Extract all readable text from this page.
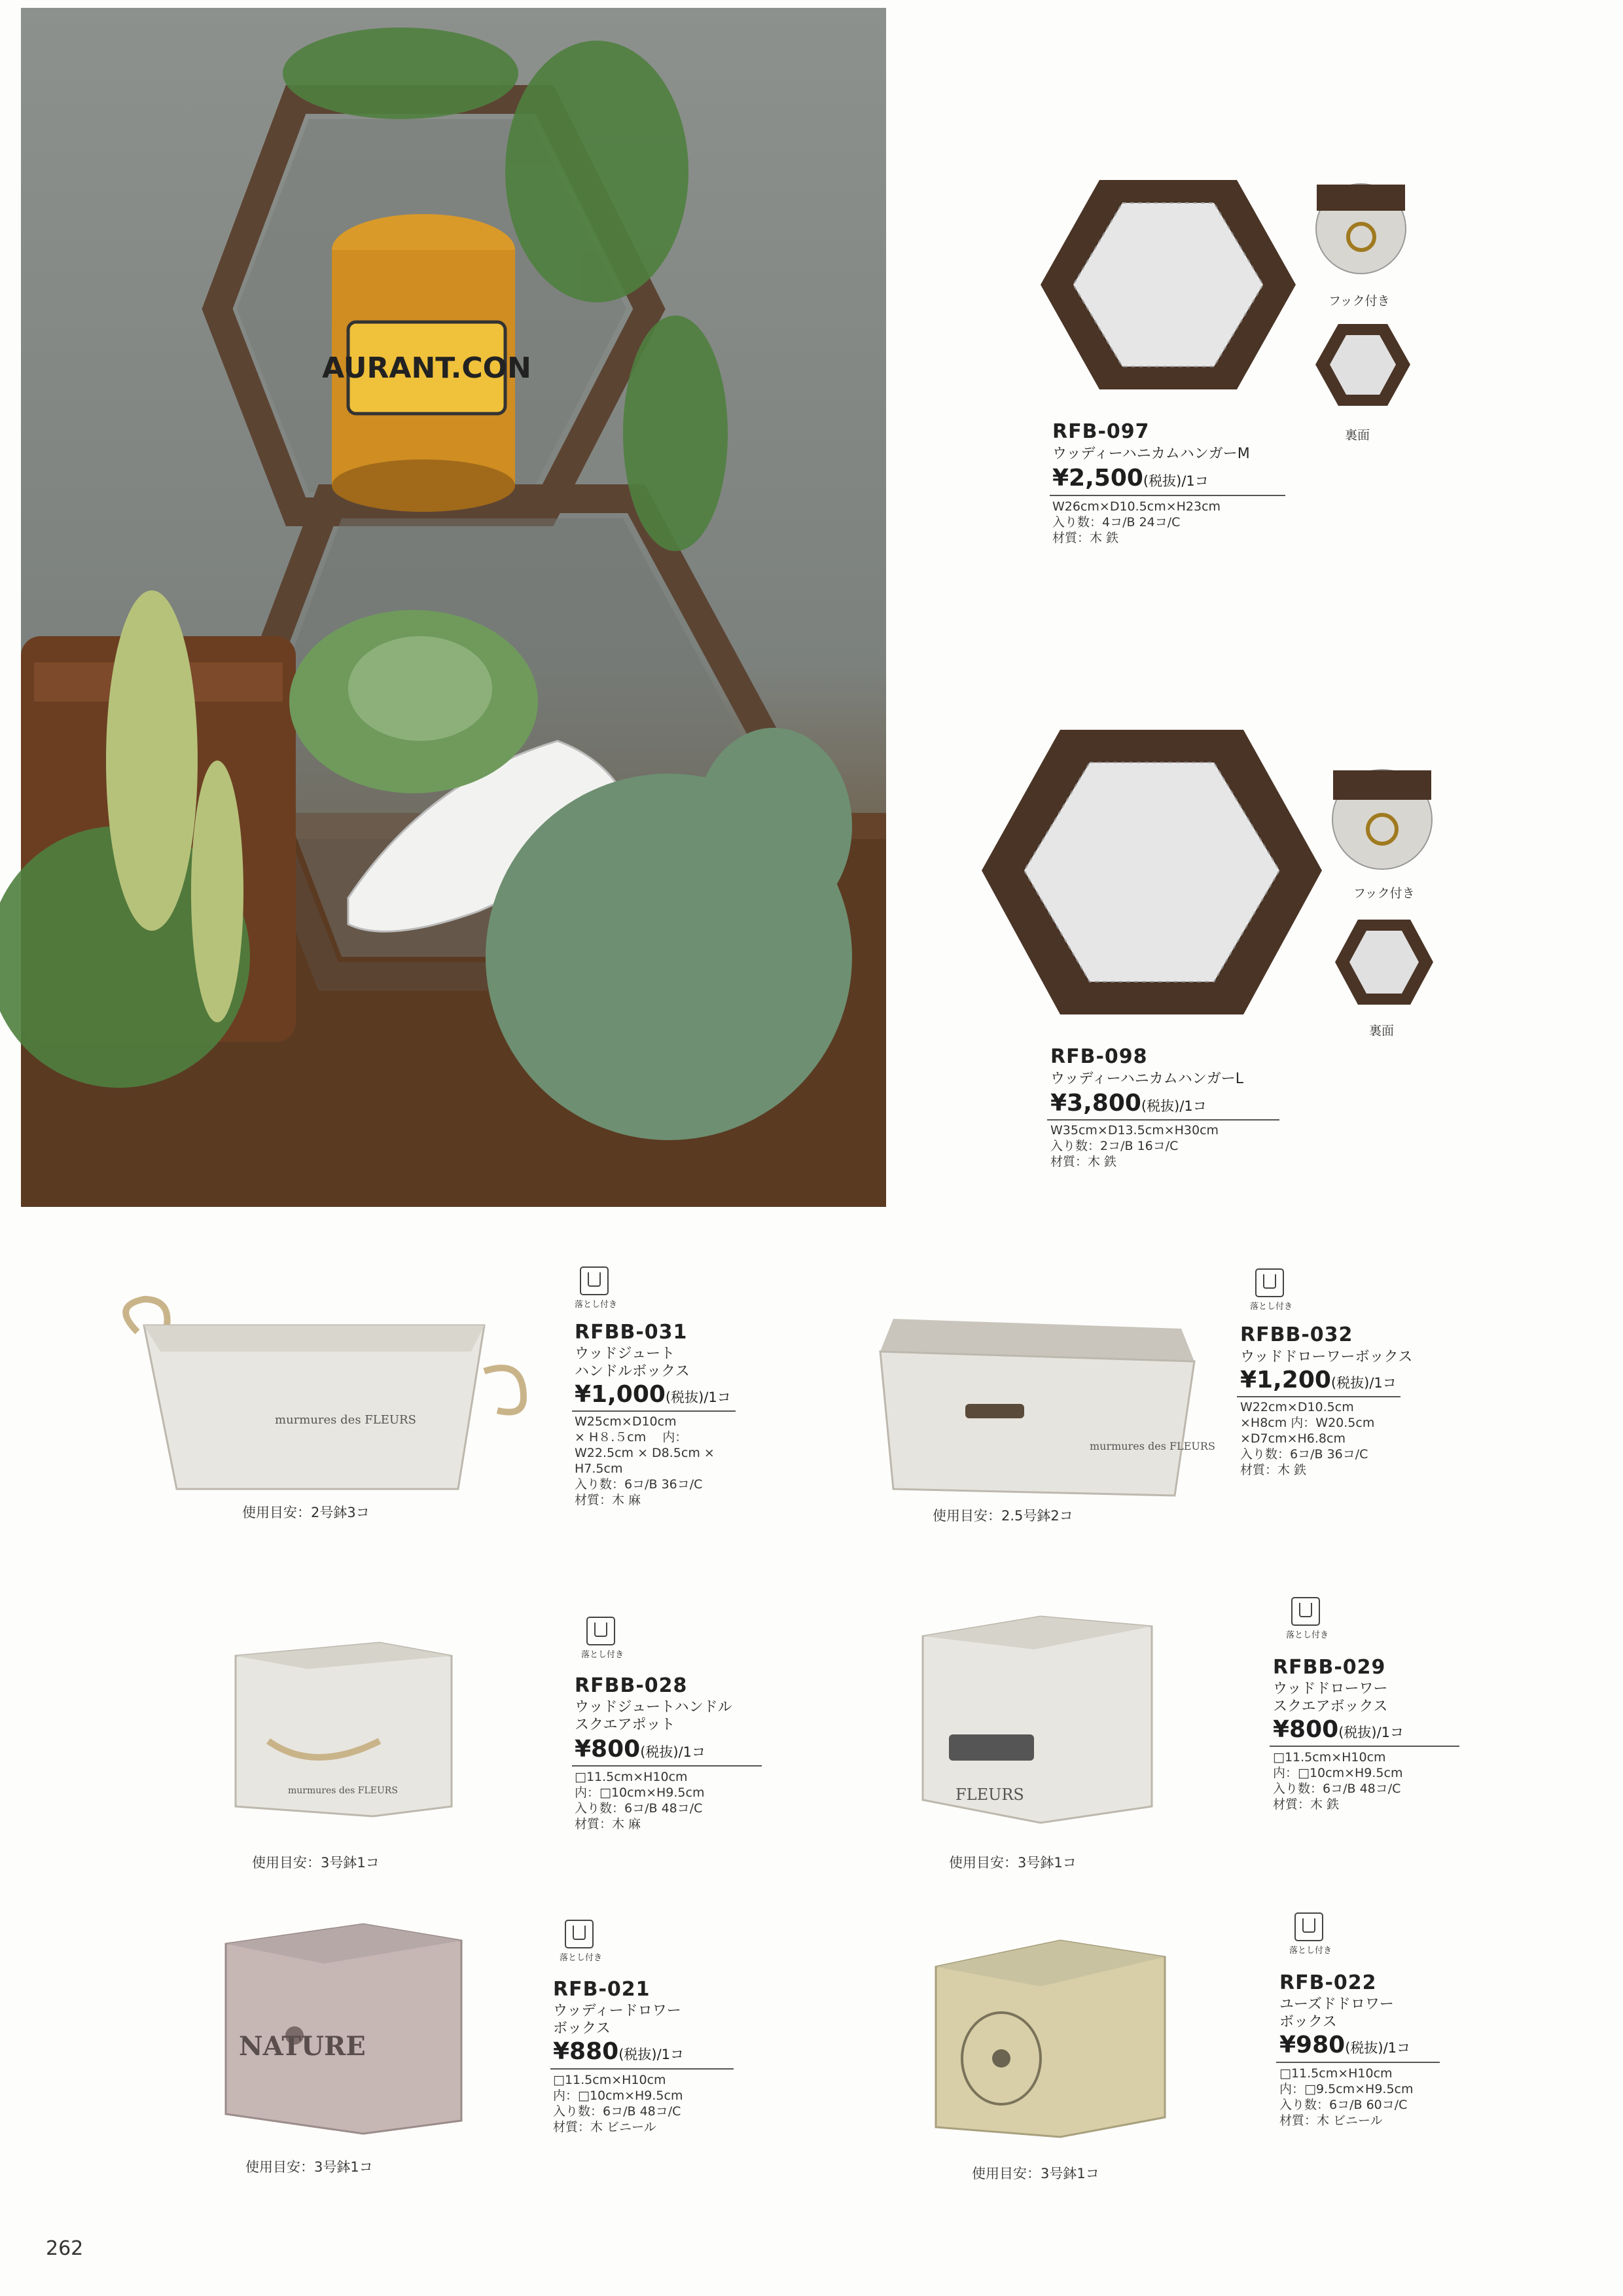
AURANT.CON
フック付き
裏面
RFB-097
ウッディーハニカムハンガーM
¥2,500(税抜)/1コ
W26cm×D10.5cm×H23cm
入り数：4コ/B 24コ/C
材質：木 鉄
フック付き
裏面
RFB-098
ウッディーハニカムハンガーL
¥3,800(税抜)/1コ
W35cm×D13.5cm×H30cm
入り数：2コ/B 16コ/C
材質：木 鉄
murmures des FLEURS
使用目安：2号鉢3コ
落とし付き
RFBB-031
ウッドジュート
ハンドルボックス
¥1,000(税抜)/1コ
W25cm×D10cm
× H８.５cm　 内：
W22.5cm × D8.5cm ×
H7.5cm
入り数：6コ/B 36コ/C
材質：木 麻
murmures des FLEURS
使用目安：2.5号鉢2コ
落とし付き
RFBB-032
ウッドドローワーボックス
¥1,200(税抜)/1コ
W22cm×D10.5cm
×H8cm 内：W20.5cm
×D7cm×H6.8cm
入り数：6コ/B 36コ/C
材質：木 鉄
murmures des FLEURS
使用目安：3号鉢1コ
落とし付き
RFBB-028
ウッドジュートハンドル
スクエアポット
¥800(税抜)/1コ
□11.5cm×H10cm
内：□10cm×H9.5cm
入り数：6コ/B 48コ/C
材質：木 麻
FLEURS
使用目安：3号鉢1コ
落とし付き
RFBB-029
ウッドドローワー
スクエアボックス
¥800(税抜)/1コ
□11.5cm×H10cm
内：□10cm×H9.5cm
入り数：6コ/B 48コ/C
材質：木 鉄
NATURE
使用目安：3号鉢1コ
落とし付き
RFB-021
ウッディードロワー
ボックス
¥880(税抜)/1コ
□11.5cm×H10cm
内：□10cm×H9.5cm
入り数：6コ/B 48コ/C
材質：木 ビニール
使用目安：3号鉢1コ
落とし付き
RFB-022
ユーズドドロワー
ボックス
¥980(税抜)/1コ
□11.5cm×H10cm
内：□9.5cm×H9.5cm
入り数：6コ/B 60コ/C
材質：木 ビニール
262
